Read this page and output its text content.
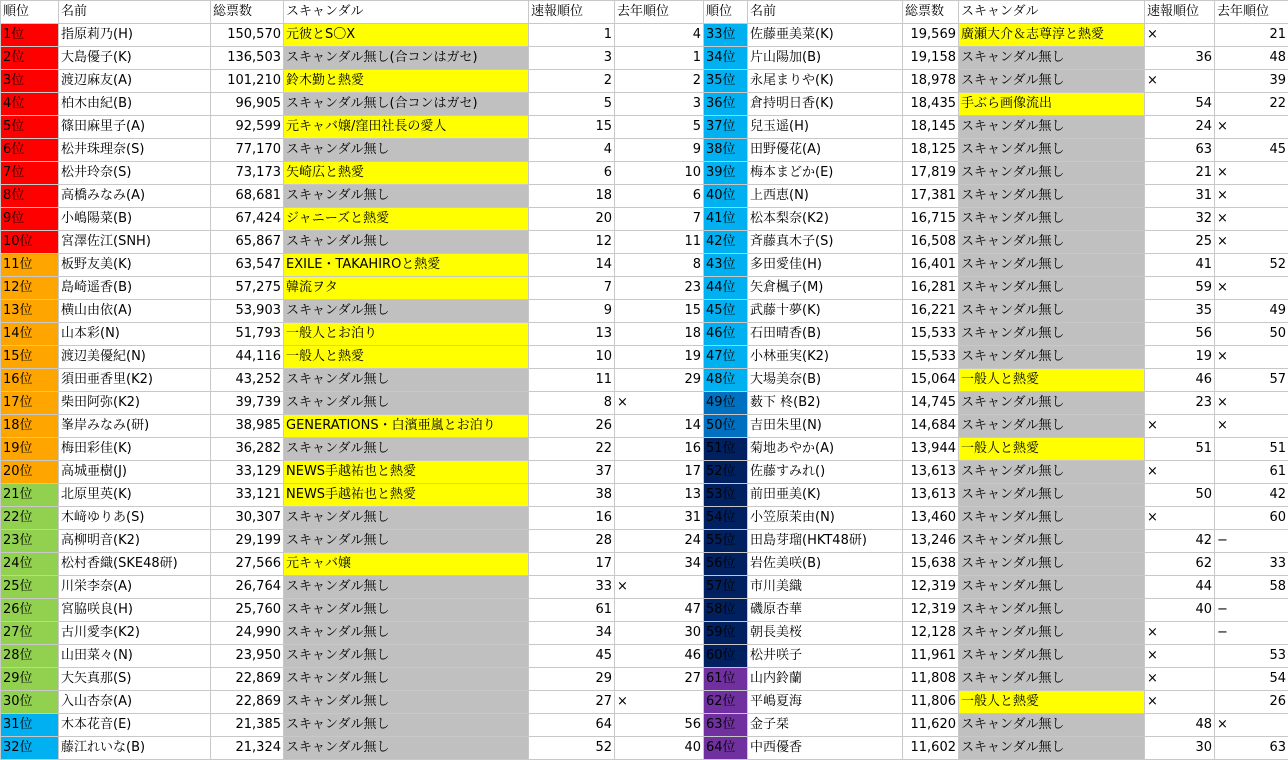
順位	名前	総票数	スキャンダル	速報順位	去年順位
1位	指原莉乃(H)	150,570	元彼とS〇X	1	4
2位	大島優子(K)	136,503	スキャンダル無し(合コンはガセ)	3	1
3位	渡辺麻友(A)	101,210	鈴木勤と熱愛	2	2
4位	柏木由紀(B)	96,905	スキャンダル無し(合コンはガセ)	5	3
5位	篠田麻里子(A)	92,599	元キャバ嬢/窪田社長の愛人	15	5
6位	松井珠理奈(S)	77,170	スキャンダル無し	4	9
7位	松井玲奈(S)	73,173	矢崎広と熱愛	6	10
8位	高橋みなみ(A)	68,681	スキャンダル無し	18	6
9位	小嶋陽菜(B)	67,424	ジャニーズと熱愛	20	7
10位	宮澤佐江(SNH)	65,867	スキャンダル無し	12	11
11位	板野友美(K)	63,547	EXILE・TAKAHIROと熱愛	14	8
12位	島崎遥香(B)	57,275	韓流ヲタ	7	23
13位	横山由依(A)	53,903	スキャンダル無し	9	15
14位	山本彩(N)	51,793	一般人とお泊り	13	18
15位	渡辺美優紀(N)	44,116	一般人と熱愛	10	19
16位	須田亜香里(K2)	43,252	スキャンダル無し	11	29
17位	柴田阿弥(K2)	39,739	スキャンダル無し	8	×
18位	峯岸みなみ(研)	38,985	GENERATIONS・白濱亜嵐とお泊り	26	14
19位	梅田彩佳(K)	36,282	スキャンダル無し	22	16
20位	高城亜樹(J)	33,129	NEWS手越祐也と熱愛	37	17
21位	北原里英(K)	33,121	NEWS手越祐也と熱愛	38	13
22位	木﨑ゆりあ(S)	30,307	スキャンダル無し	16	31
23位	高柳明音(K2)	29,199	スキャンダル無し	28	24
24位	松村香織(SKE48研)	27,566	元キャバ嬢	17	34
25位	川栄李奈(A)	26,764	スキャンダル無し	33	×
26位	宮脇咲良(H)	25,760	スキャンダル無し	61	47
27位	古川愛李(K2)	24,990	スキャンダル無し	34	30
28位	山田菜々(N)	23,950	スキャンダル無し	45	46
29位	大矢真那(S)	22,869	スキャンダル無し	29	27
30位	入山杏奈(A)	22,869	スキャンダル無し	27	×
31位	木本花音(E)	21,385	スキャンダル無し	64	56
32位	藤江れいな(B)	21,324	スキャンダル無し	52	40
順位	名前	総票数	スキャンダル	速報順位	去年順位
33位	佐藤亜美菜(K)	19,569	廣瀬大介＆志尊淳と熱愛	×	21
34位	片山陽加(B)	19,158	スキャンダル無し	36	48
35位	永尾まりや(K)	18,978	スキャンダル無し	×	39
36位	倉持明日香(K)	18,435	手ぶら画像流出	54	22
37位	兒玉遥(H)	18,145	スキャンダル無し	24	×
38位	田野優花(A)	18,125	スキャンダル無し	63	45
39位	梅本まどか(E)	17,819	スキャンダル無し	21	×
40位	上西恵(N)	17,381	スキャンダル無し	31	×
41位	松本梨奈(K2)	16,715	スキャンダル無し	32	×
42位	斉藤真木子(S)	16,508	スキャンダル無し	25	×
43位	多田愛佳(H)	16,401	スキャンダル無し	41	52
44位	矢倉楓子(M)	16,281	スキャンダル無し	59	×
45位	武藤十夢(K)	16,221	スキャンダル無し	35	49
46位	石田晴香(B)	15,533	スキャンダル無し	56	50
47位	小林亜実(K2)	15,533	スキャンダル無し	19	×
48位	大場美奈(B)	15,064	一般人と熱愛	46	57
49位	薮下 柊(B2)	14,745	スキャンダル無し	23	×
50位	吉田朱里(N)	14,684	スキャンダル無し	×	×
51位	菊地あやか(A)	13,944	一般人と熱愛	51	51
52位	佐藤すみれ()	13,613	スキャンダル無し	×	61
53位	前田亜美(K)	13,613	スキャンダル無し	50	42
54位	小笠原茉由(N)	13,460	スキャンダル無し	×	60
55位	田島芽瑠(HKT48研)	13,246	スキャンダル無し	42	−
56位	岩佐美咲(B)	15,638	スキャンダル無し	62	33
57位	市川美織	12,319	スキャンダル無し	44	58
58位	磯原杏華	12,319	スキャンダル無し	40	−
59位	朝長美桜	12,128	スキャンダル無し	×	−
60位	松井咲子	11,961	スキャンダル無し	×	53
61位	山内鈴蘭	11,808	スキャンダル無し	×	54
62位	平嶋夏海	11,806	一般人と熱愛	×	26
63位	金子栞	11,620	スキャンダル無し	48	×
64位	中西優香	11,602	スキャンダル無し	30	63
